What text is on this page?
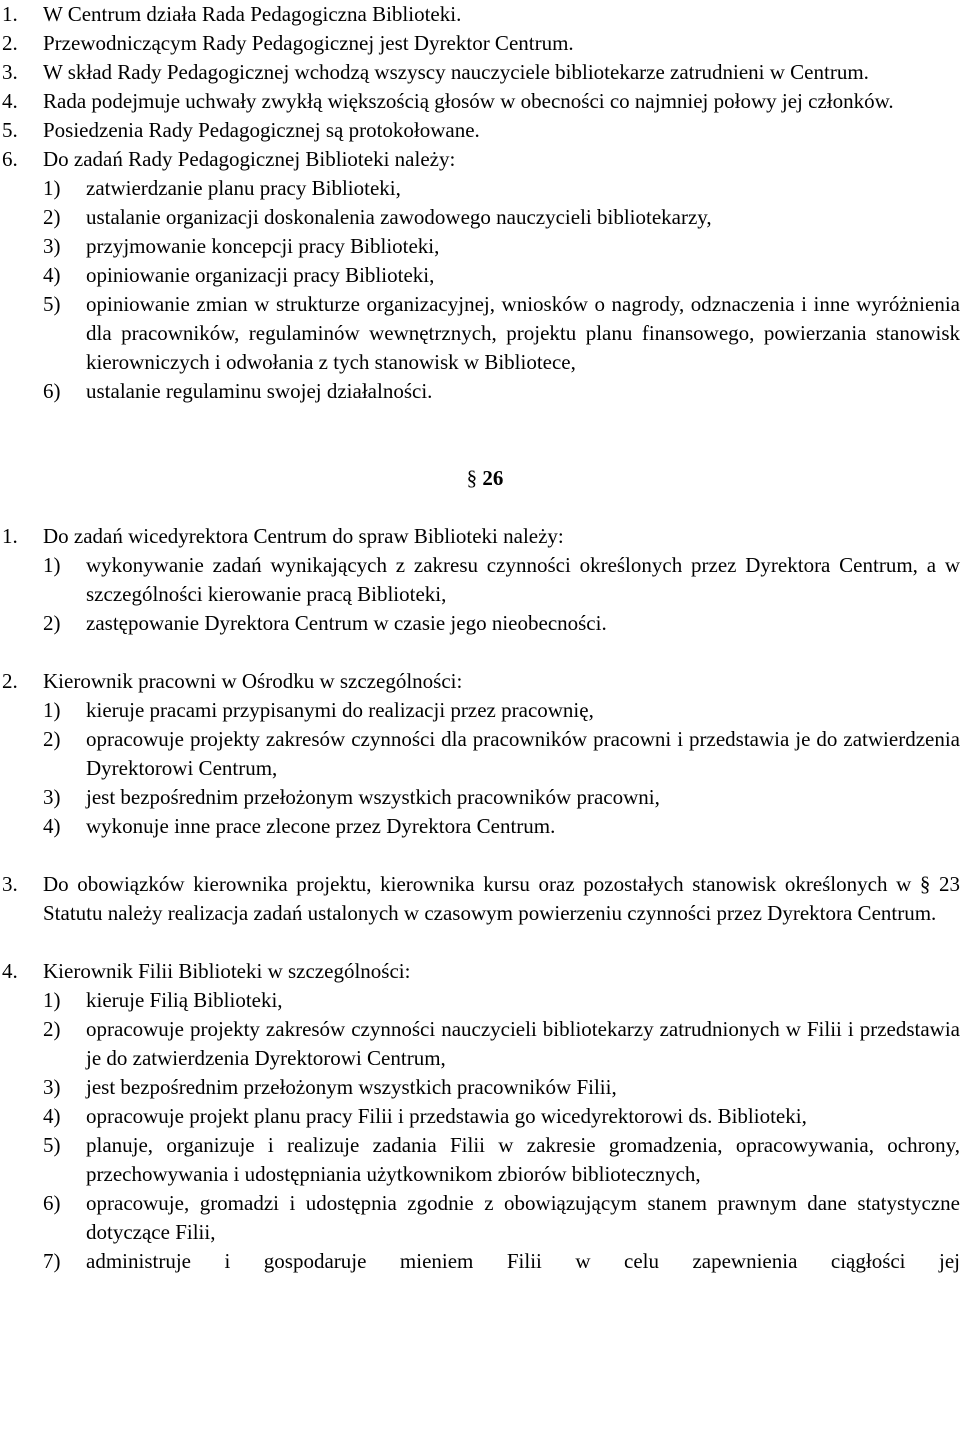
1. W Centrum działa Rada Pedagogiczna Biblioteki.
2. Przewodniczącym Rady Pedagogicznej jest Dyrektor Centrum.
3. W skład Rady Pedagogicznej wchodzą wszyscy nauczyciele bibliotekarze zatrudnieni w Centrum.
4. Rada podejmuje uchwały zwykłą większością głosów w obecności co najmniej połowy jej członków.
5. Posiedzenia Rady Pedagogicznej są protokołowane.
6. Do zadań Rady Pedagogicznej Biblioteki należy:
1) zatwierdzanie planu pracy Biblioteki,
2) ustalanie organizacji doskonalenia zawodowego nauczycieli bibliotekarzy,
3) przyjmowanie koncepcji pracy Biblioteki,
4) opiniowanie organizacji pracy Biblioteki,
5) opiniowanie zmian w strukturze organizacyjnej, wniosków o nagrody, odznaczenia i inne wyróżnienia dla pracowników, regulaminów wewnętrznych, projektu planu finansowego, powierzania stanowisk kierowniczych i odwołania z tych stanowisk w Bibliotece,
6) ustalanie regulaminu swojej działalności.
§ 26
1. Do zadań wicedyrektora Centrum do spraw Biblioteki należy:
1) wykonywanie zadań wynikających z zakresu czynności określonych przez Dyrektora Centrum, a w szczególności kierowanie pracą Biblioteki,
2) zastępowanie Dyrektora Centrum w czasie jego nieobecności.
2. Kierownik pracowni w Ośrodku w szczególności:
1) kieruje pracami przypisanymi do realizacji przez pracownię,
2) opracowuje projekty zakresów czynności dla pracowników pracowni i przedstawia je do zatwierdzenia Dyrektorowi Centrum,
3) jest bezpośrednim przełożonym wszystkich pracowników pracowni,
4) wykonuje inne prace zlecone przez Dyrektora Centrum.
3. Do obowiązków kierownika projektu, kierownika kursu oraz pozostałych stanowisk określonych w § 23 Statutu należy realizacja zadań ustalonych w czasowym powierzeniu czynności przez Dyrektora Centrum.
4. Kierownik Filii Biblioteki w szczególności:
1) kieruje Filią Biblioteki,
2) opracowuje projekty zakresów czynności nauczycieli bibliotekarzy zatrudnionych w Filii i przedstawia je do zatwierdzenia Dyrektorowi Centrum,
3) jest bezpośrednim przełożonym wszystkich pracowników Filii,
4) opracowuje projekt planu pracy Filii i przedstawia go wicedyrektorowi ds. Biblioteki,
5) planuje, organizuje i realizuje zadania Filii w zakresie gromadzenia, opracowywania, ochrony, przechowywania i udostępniania użytkownikom zbiorów bibliotecznych,
6) opracowuje, gromadzi i udostępnia zgodnie z obowiązującym stanem prawnym dane statystyczne dotyczące Filii,
7) administruje i gospodaruje mieniem Filii w celu zapewnienia ciągłości jej
